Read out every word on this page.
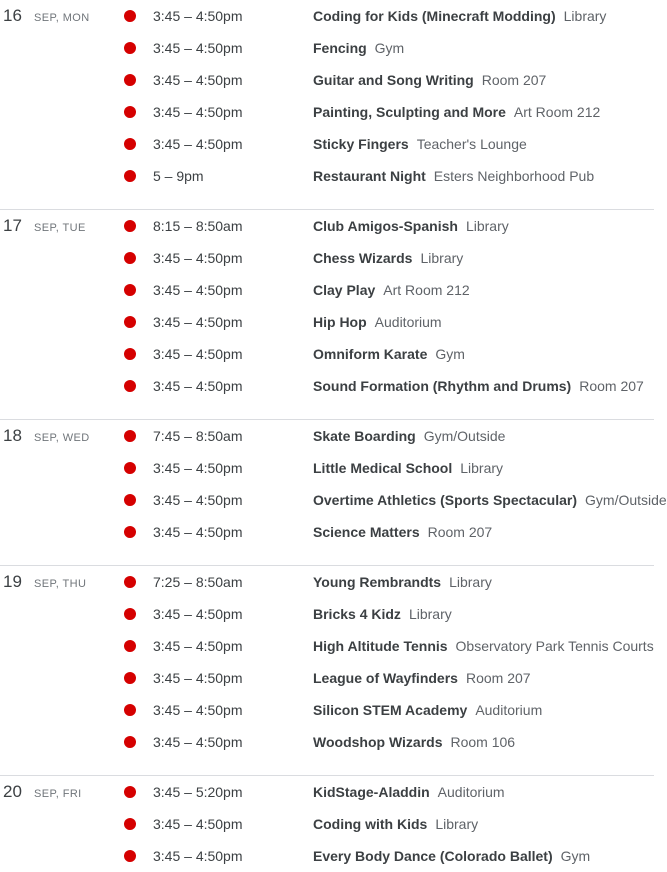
16	SEP, MON	3:45 – 4:50pm	Coding for Kids (Minecraft Modding) Library
3:45 – 4:50pm	Fencing Gym
3:45 – 4:50pm	Guitar and Song Writing Room 207
3:45 – 4:50pm	Painting, Sculpting and More Art Room 212
3:45 – 4:50pm	Sticky Fingers Teacher's Lounge
5 – 9pm	Restaurant Night Esters Neighborhood Pub
17	SEP, TUE	8:15 – 8:50am	Club Amigos-Spanish Library
3:45 – 4:50pm	Chess Wizards Library
3:45 – 4:50pm	Clay Play Art Room 212
3:45 – 4:50pm	Hip Hop Auditorium
3:45 – 4:50pm	Omniform Karate Gym
3:45 – 4:50pm	Sound Formation (Rhythm and Drums) Room 207
18	SEP, WED	7:45 – 8:50am	Skate Boarding Gym/Outside
3:45 – 4:50pm	Little Medical School Library
3:45 – 4:50pm	Overtime Athletics (Sports Spectacular) Gym/Outside
3:45 – 4:50pm	Science Matters Room 207
19	SEP, THU	7:25 – 8:50am	Young Rembrandts Library
3:45 – 4:50pm	Bricks 4 Kidz Library
3:45 – 4:50pm	High Altitude Tennis Observatory Park Tennis Courts
3:45 – 4:50pm	League of Wayfinders Room 207
3:45 – 4:50pm	Silicon STEM Academy Auditorium
3:45 – 4:50pm	Woodshop Wizards Room 106
20	SEP, FRI	3:45 – 5:20pm	KidStage-Aladdin Auditorium
3:45 – 4:50pm	Coding with Kids Library
3:45 – 4:50pm	Every Body Dance (Colorado Ballet) Gym
